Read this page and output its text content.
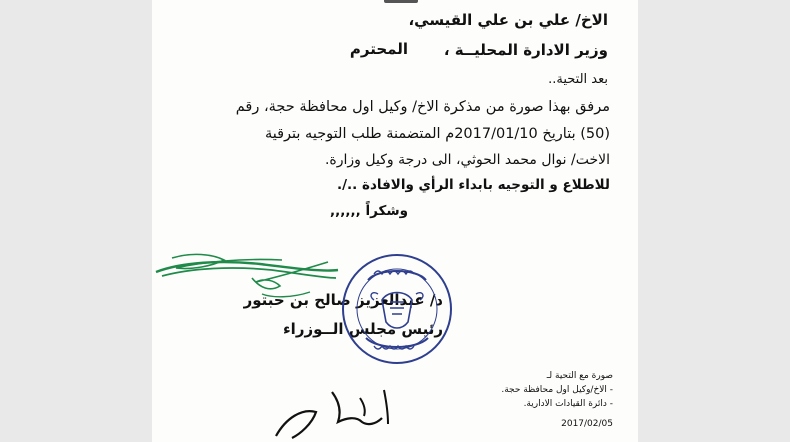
الاخ/ علي بن علي القيسي،
وزير الادارة المحليــة ،
المحترم
بعد التحية..
مرفق بهذا صورة من مذكرة الاخ/ وكيل اول محافظة حجة، رقم
(50) بتاريخ 2017/01/10م المتضمنة طلب التوجيه بترقية
الاخت/ نوال محمد الحوثي، الى درجة وكيل وزارة.
للاطلاع و التوجيه بابداء الرأي والافادة ../.
وشكراً ,,,,,,
د/ عبدالعزيز صالح بن حبتور
رئيس مجلس الــوزراء
صورة مع التحية لـ
- الاخ/وكيل اول محافظة حجة.
- دائرة القيادات الادارية.
2017/02/05
